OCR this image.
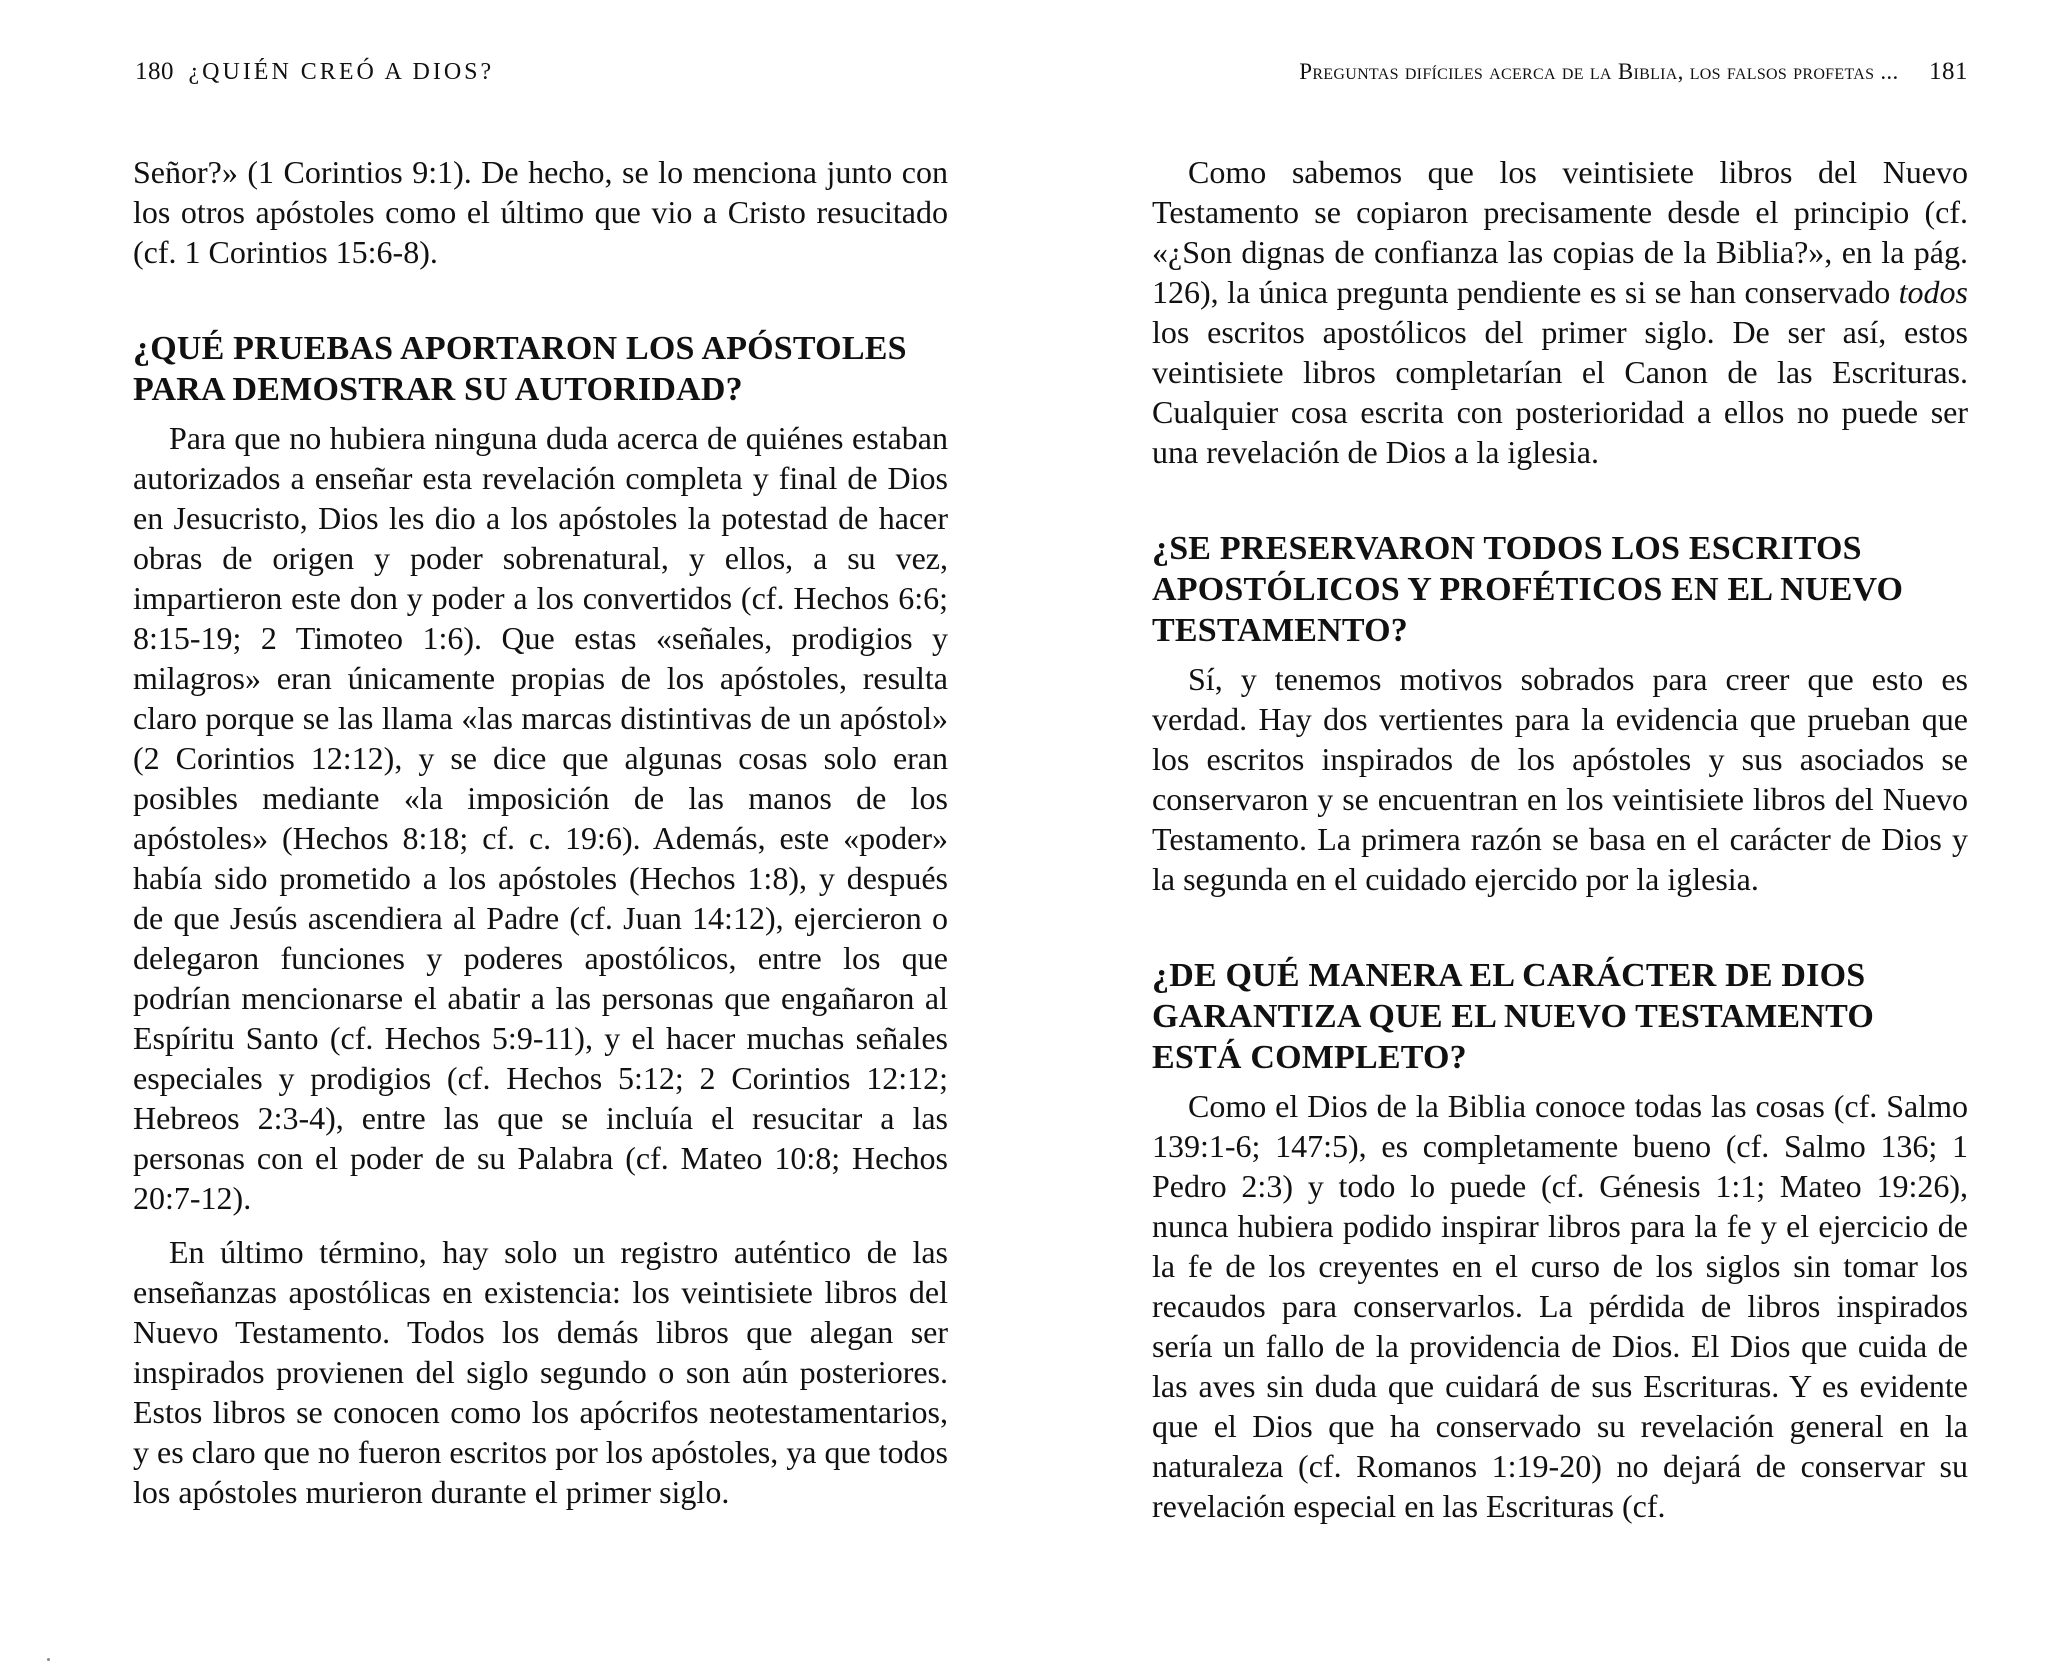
180 ¿QUIÉN CREÓ A DIOS?

Señor?» (1 Corintios 9:1). De hecho, se lo menciona junto con los otros apóstoles como el último que vio a Cristo resucitado (cf. 1 Corintios 15:6-8).

¿QUÉ PRUEBAS APORTARON LOS APÓSTOLES PARA DEMOSTRAR SU AUTORIDAD?

Para que no hubiera ninguna duda acerca de quiénes estaban autorizados a enseñar esta revelación completa y final de Dios en Jesucristo, Dios les dio a los apóstoles la potestad de hacer obras de origen y poder sobrenatural, y ellos, a su vez, impartieron este don y poder a los convertidos (cf. Hechos 6:6; 8:15-19; 2 Timoteo 1:6). Que estas «señales, prodigios y milagros» eran únicamente propias de los apóstoles, resulta claro porque se las llama «las marcas distintivas de un apóstol» (2 Corintios 12:12), y se dice que algunas cosas solo eran posibles mediante «la imposición de las manos de los apóstoles» (Hechos 8:18; cf. c. 19:6). Además, este «poder» había sido prometido a los apóstoles (Hechos 1:8), y después de que Jesús ascendiera al Padre (cf. Juan 14:12), ejercieron o delegaron funciones y poderes apostólicos, entre los que podrían mencionarse el abatir a las personas que engañaron al Espíritu Santo (cf. Hechos 5:9-11), y el hacer muchas señales especiales y prodigios (cf. Hechos 5:12; 2 Corintios 12:12; Hebreos 2:3-4), entre las que se incluía el resucitar a las personas con el poder de su Palabra (cf. Mateo 10:8; Hechos 20:7-12).

En último término, hay solo un registro auténtico de las enseñanzas apostólicas en existencia: los veintisiete libros del Nuevo Testamento. Todos los demás libros que alegan ser inspirados provienen del siglo segundo o son aún posteriores. Estos libros se conocen como los apócrifos neotestamentarios, y es claro que no fueron escritos por los apóstoles, ya que todos los apóstoles murieron durante el primer siglo.

Preguntas difíciles acerca de la Biblia, los falsos profetas ... 181

Como sabemos que los veintisiete libros del Nuevo Testamento se copiaron precisamente desde el principio (cf. «¿Son dignas de confianza las copias de la Biblia?», en la pág. 126), la única pregunta pendiente es si se han conservado todos los escritos apostólicos del primer siglo. De ser así, estos veintisiete libros completarían el Canon de las Escrituras. Cualquier cosa escrita con posterioridad a ellos no puede ser una revelación de Dios a la iglesia.

¿SE PRESERVARON TODOS LOS ESCRITOS APOSTÓLICOS Y PROFÉTICOS EN EL NUEVO TESTAMENTO?

Sí, y tenemos motivos sobrados para creer que esto es verdad. Hay dos vertientes para la evidencia que prueban que los escritos inspirados de los apóstoles y sus asociados se conservaron y se encuentran en los veintisiete libros del Nuevo Testamento. La primera razón se basa en el carácter de Dios y la segunda en el cuidado ejercido por la iglesia.

¿DE QUÉ MANERA EL CARÁCTER DE DIOS GARANTIZA QUE EL NUEVO TESTAMENTO ESTÁ COMPLETO?

Como el Dios de la Biblia conoce todas las cosas (cf. Salmo 139:1-6; 147:5), es completamente bueno (cf. Salmo 136; 1 Pedro 2:3) y todo lo puede (cf. Génesis 1:1; Mateo 19:26), nunca hubiera podido inspirar libros para la fe y el ejercicio de la fe de los creyentes en el curso de los siglos sin tomar los recaudos para conservarlos. La pérdida de libros inspirados sería un fallo de la providencia de Dios. El Dios que cuida de las aves sin duda que cuidará de sus Escrituras. Y es evidente que el Dios que ha conservado su revelación general en la naturaleza (cf. Romanos 1:19-20) no dejará de conservar su revelación especial en las Escrituras (cf.
